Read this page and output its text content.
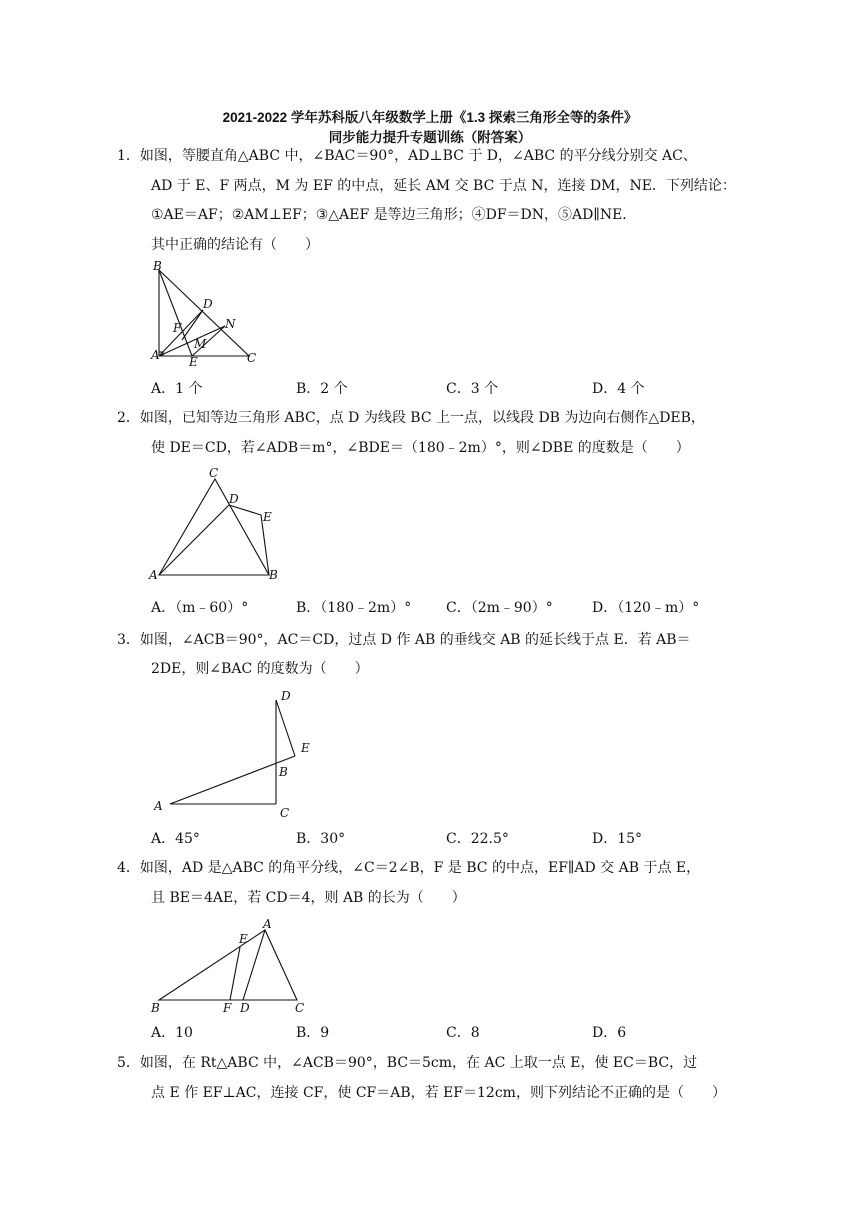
2021-2022 学年苏科版八年级数学上册《1.3 探索三角形全等的条件》
同步能力提升专题训练（附答案）
1．如图，等腰直角△ABC 中，∠BAC＝90°，AD⊥BC 于 D，∠ABC 的平分线分别交 AC、
AD 于 E、F 两点，M 为 EF 的中点，延长 AM 交 BC 于点 N，连接 DM，NE．下列结论：
①AE＝AF；②AM⊥EF；③△AEF 是等边三角形；④DF＝DN，⑤AD∥NE．
其中正确的结论有（　　）
B
D
N
F
M
A E	C
A．1 个	B．2 个	C．3 个	D．4 个
2．如图，已知等边三角形 ABC，点 D 为线段 BC 上一点，以线段 DB 为边向右侧作△DEB，
使 DE＝CD，若∠ADB＝m°，∠BDE＝（180﹣2m）°，则∠DBE 的度数是（　　）
C
D
E
A	B
A．（m﹣60）°	B．（180﹣2m）° C．（2m﹣90）°	D．（120﹣m）°
3．如图，∠ACB＝90°，AC＝CD，过点 D 作 AB 的垂线交 AB 的延长线于点 E．若 AB＝
2DE，则∠BAC 的度数为（　　）
D
E
B
A	C
A．45°	B．30°	C．22.5°	D．15°
4．如图，AD 是△ABC 的角平分线，∠C＝2∠B，F 是 BC 的中点，EF∥AD 交 AB 于点 E，
且 BE＝4AE，若 CD＝4，则 AB 的长为（　　）
E
A
B	F D	C
A．10	B．9	C．8	D．6
5．如图，在 Rt△ABC 中，∠ACB＝90°，BC＝5cm，在 AC 上取一点 E，使 EC＝BC，过
点 E 作 EF⊥AC，连接 CF，使 CF＝AB，若 EF＝12cm，则下列结论不正确的是（　　）
